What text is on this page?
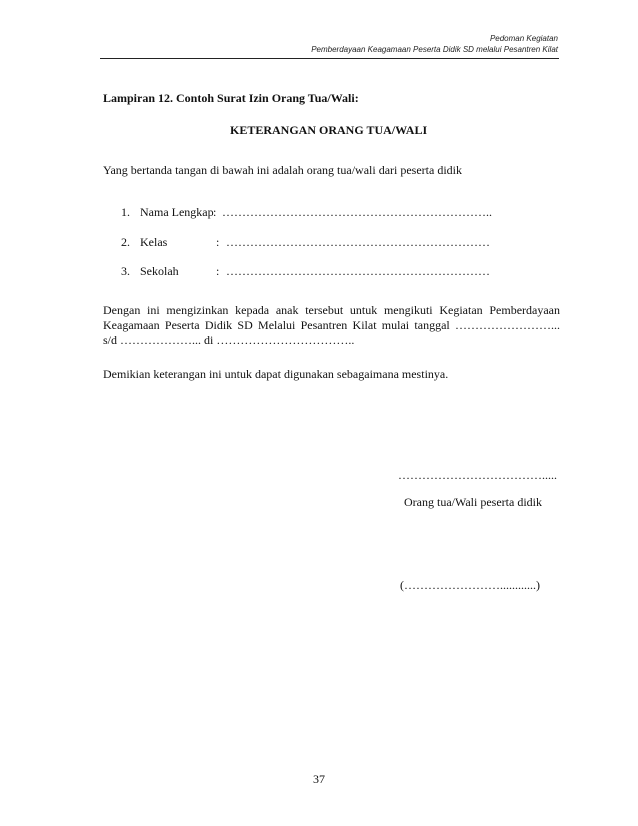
Pedoman Kegiatan
Pemberdayaan Keagamaan Peserta Didik SD melalui Pesantren Kilat
Lampiran 12. Contoh Surat Izin Orang Tua/Wali:
KETERANGAN ORANG TUA/WALI
Yang bertanda tangan di bawah ini adalah orang tua/wali dari peserta didik
1. Nama Lengkap : …………………………………………………………..
2. Kelas	: …………………………………………………………
3. Sekolah	: …………………………………………………………
Dengan ini mengizinkan kepada anak tersebut untuk mengikuti Kegiatan Pemberdayaan
Keagamaan Peserta Didik SD Melalui Pesantren Kilat mulai tanggal ……………………...
s/d ………………... di ……………………………..
Demikian keterangan ini untuk dapat digunakan sebagaimana mestinya.
……………………………….....
Orang tua/Wali peserta didik
(……………………............)
37
